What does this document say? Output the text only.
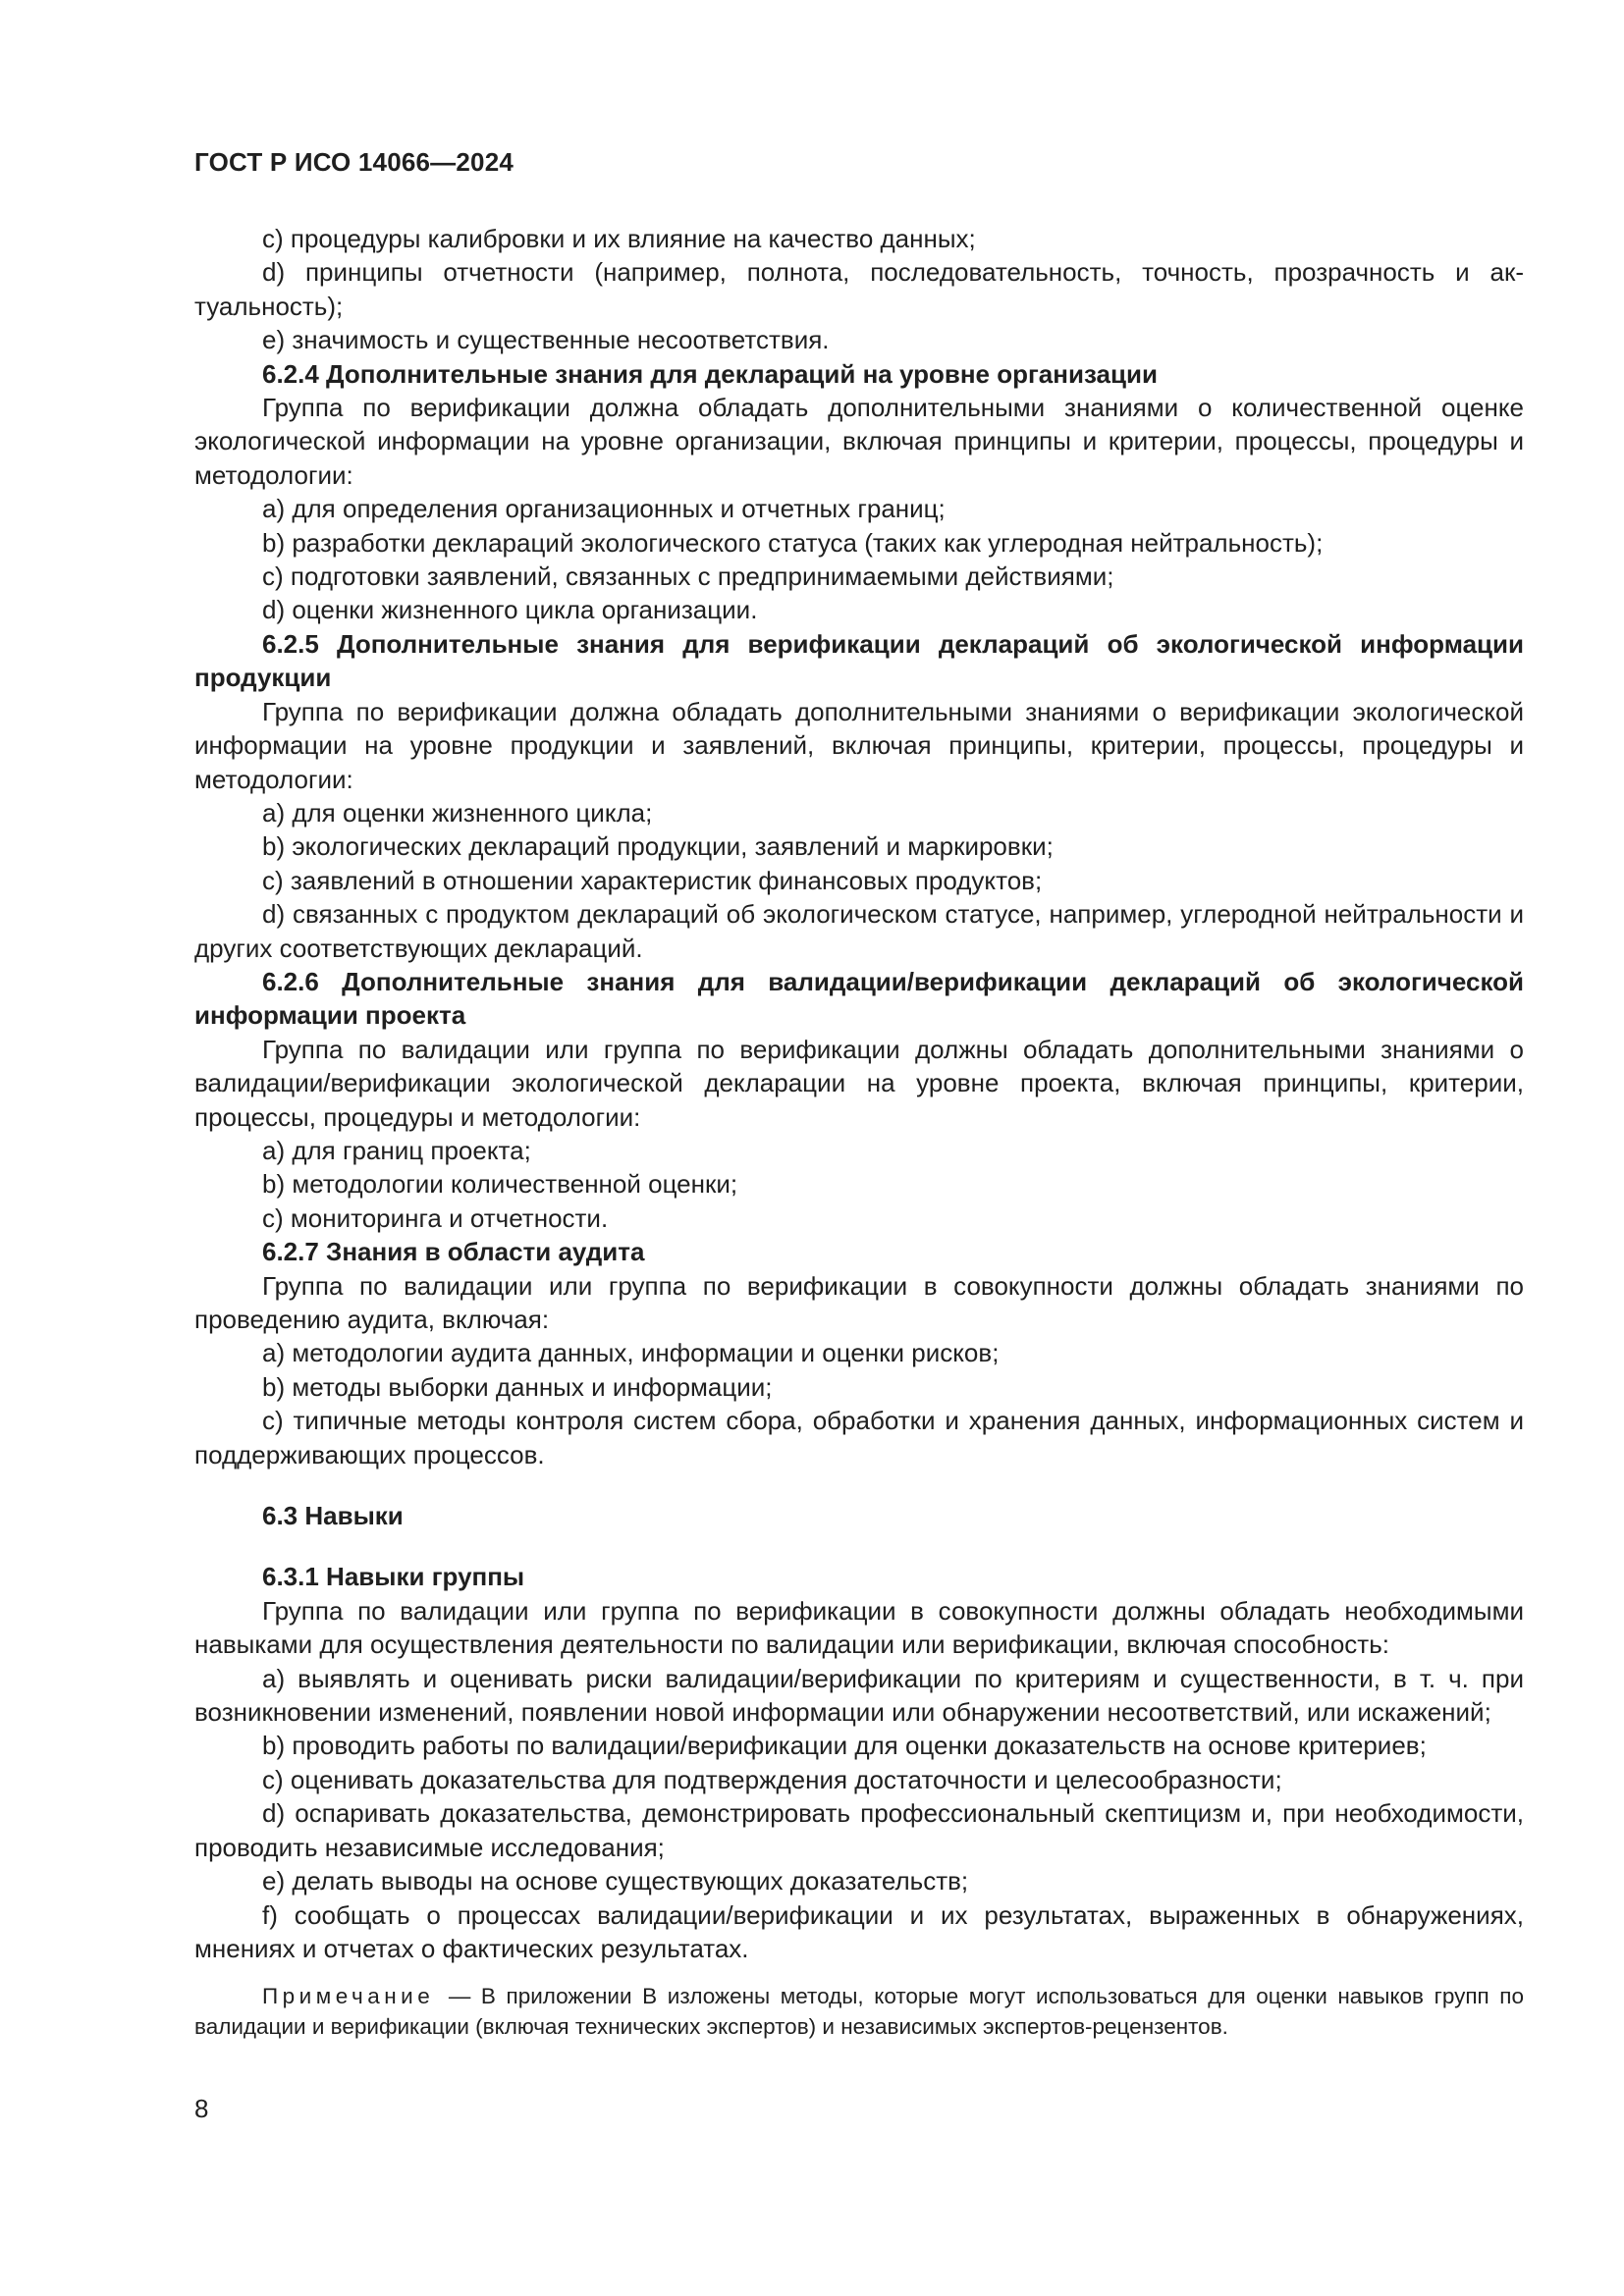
ГОСТ Р ИСО 14066—2024

c) процедуры калибровки и их влияние на качество данных;

d) принципы отчетности (например, полнота, последовательность, точность, прозрачность и актуальность);

e) значимость и существенные несоответствия.

6.2.4 Дополнительные знания для деклараций на уровне организации

Группа по верификации должна обладать дополнительными знаниями о количественной оценке экологической информации на уровне организации, включая принципы и критерии, процессы, процедуры и методологии:

a) для определения организационных и отчетных границ;

b) разработки деклараций экологического статуса (таких как углеродная нейтральность);

c) подготовки заявлений, связанных с предпринимаемыми действиями;

d) оценки жизненного цикла организации.

6.2.5 Дополнительные знания для верификации деклараций об экологической информации продукции

Группа по верификации должна обладать дополнительными знаниями о верификации экологической информации на уровне продукции и заявлений, включая принципы, критерии, процессы, процедуры и методологии:

a) для оценки жизненного цикла;

b) экологических деклараций продукции, заявлений и маркировки;

c) заявлений в отношении характеристик финансовых продуктов;

d) связанных с продуктом деклараций об экологическом статусе, например, углеродной нейтральности и других соответствующих деклараций.

6.2.6 Дополнительные знания для валидации/верификации деклараций об экологической информации проекта

Группа по валидации или группа по верификации должны обладать дополнительными знаниями о валидации/верификации экологической декларации на уровне проекта, включая принципы, критерии, процессы, процедуры и методологии:

a) для границ проекта;

b) методологии количественной оценки;

c) мониторинга и отчетности.

6.2.7 Знания в области аудита

Группа по валидации или группа по верификации в совокупности должны обладать знаниями по проведению аудита, включая:

a) методологии аудита данных, информации и оценки рисков;

b) методы выборки данных и информации;

c) типичные методы контроля систем сбора, обработки и хранения данных, информационных систем и поддерживающих процессов.

6.3 Навыки

6.3.1 Навыки группы

Группа по валидации или группа по верификации в совокупности должны обладать необходимыми навыками для осуществления деятельности по валидации или верификации, включая способность:

a) выявлять и оценивать риски валидации/верификации по критериям и существенности, в т. ч. при возникновении изменений, появлении новой информации или обнаружении несоответствий, или искажений;

b) проводить работы по валидации/верификации для оценки доказательств на основе критериев;

c) оценивать доказательства для подтверждения достаточности и целесообразности;

d) оспаривать доказательства, демонстрировать профессиональный скептицизм и, при необходимости, проводить независимые исследования;

e) делать выводы на основе существующих доказательств;

f) сообщать о процессах валидации/верификации и их результатах, выраженных в обнаружениях, мнениях и отчетах о фактических результатах.

Примечание — В приложении В изложены методы, которые могут использоваться для оценки навыков групп по валидации и верификации (включая технических экспертов) и независимых экспертов-рецензентов.

8
